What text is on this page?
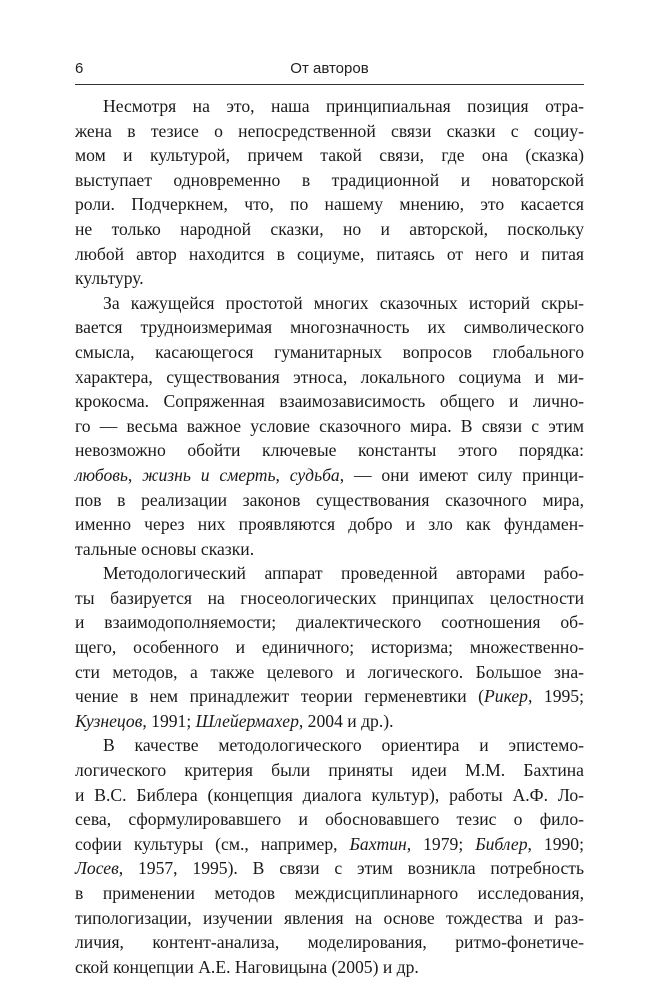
6	От авторов
Несмотря на это, наша принципиальная позиция отра-
жена в тезисе о непосредственной связи сказки с социу-
мом и культурой, причем такой связи, где она (сказка)
выступает одновременно в традиционной и новаторской
роли. Подчеркнем, что, по нашему мнению, это касается
не только народной сказки, но и авторской, поскольку
любой автор находится в социуме, питаясь от него и питая
культуру.
За кажущейся простотой многих сказочных историй скры-
вается трудноизмеримая многозначность их символического
смысла, касающегося гуманитарных вопросов глобального
характера, существования этноса, локального социума и ми-
крокосма. Сопряженная взаимозависимость общего и лично-
го — весьма важное условие сказочного мира. В связи с этим
невозможно обойти ключевые константы этого порядка:
любовь, жизнь и смерть, судьба, — они имеют силу принци-
пов в реализации законов существования сказочного мира,
именно через них проявляются добро и зло как фундамен-
тальные основы сказки.
Методологический аппарат проведенной авторами рабо-
ты базируется на гносеологических принципах целостности
и взаимодополняемости; диалектического соотношения об-
щего, особенного и единичного; историзма; множественно-
сти методов, а также целевого и логического. Большое зна-
чение в нем принадлежит теории герменевтики (Рикер, 1995;
Кузнецов, 1991; Шлейермахер, 2004 и др.).
В качестве методологического ориентира и эпистемо-
логического критерия были приняты идеи М.М. Бахтина
и В.С. Библера (концепция диалога культур), работы А.Ф. Ло-
сева, сформулировавшего и обосновавшего тезис о фило-
софии культуры (см., например, Бахтин, 1979; Библер, 1990;
Лосев, 1957, 1995). В связи с этим возникла потребность
в применении методов междисциплинарного исследования,
типологизации, изучении явления на основе тождества и раз-
личия, контент-анализа, моделирования, ритмо-фонетиче-
ской концепции А.Е. Наговицына (2005) и др.
